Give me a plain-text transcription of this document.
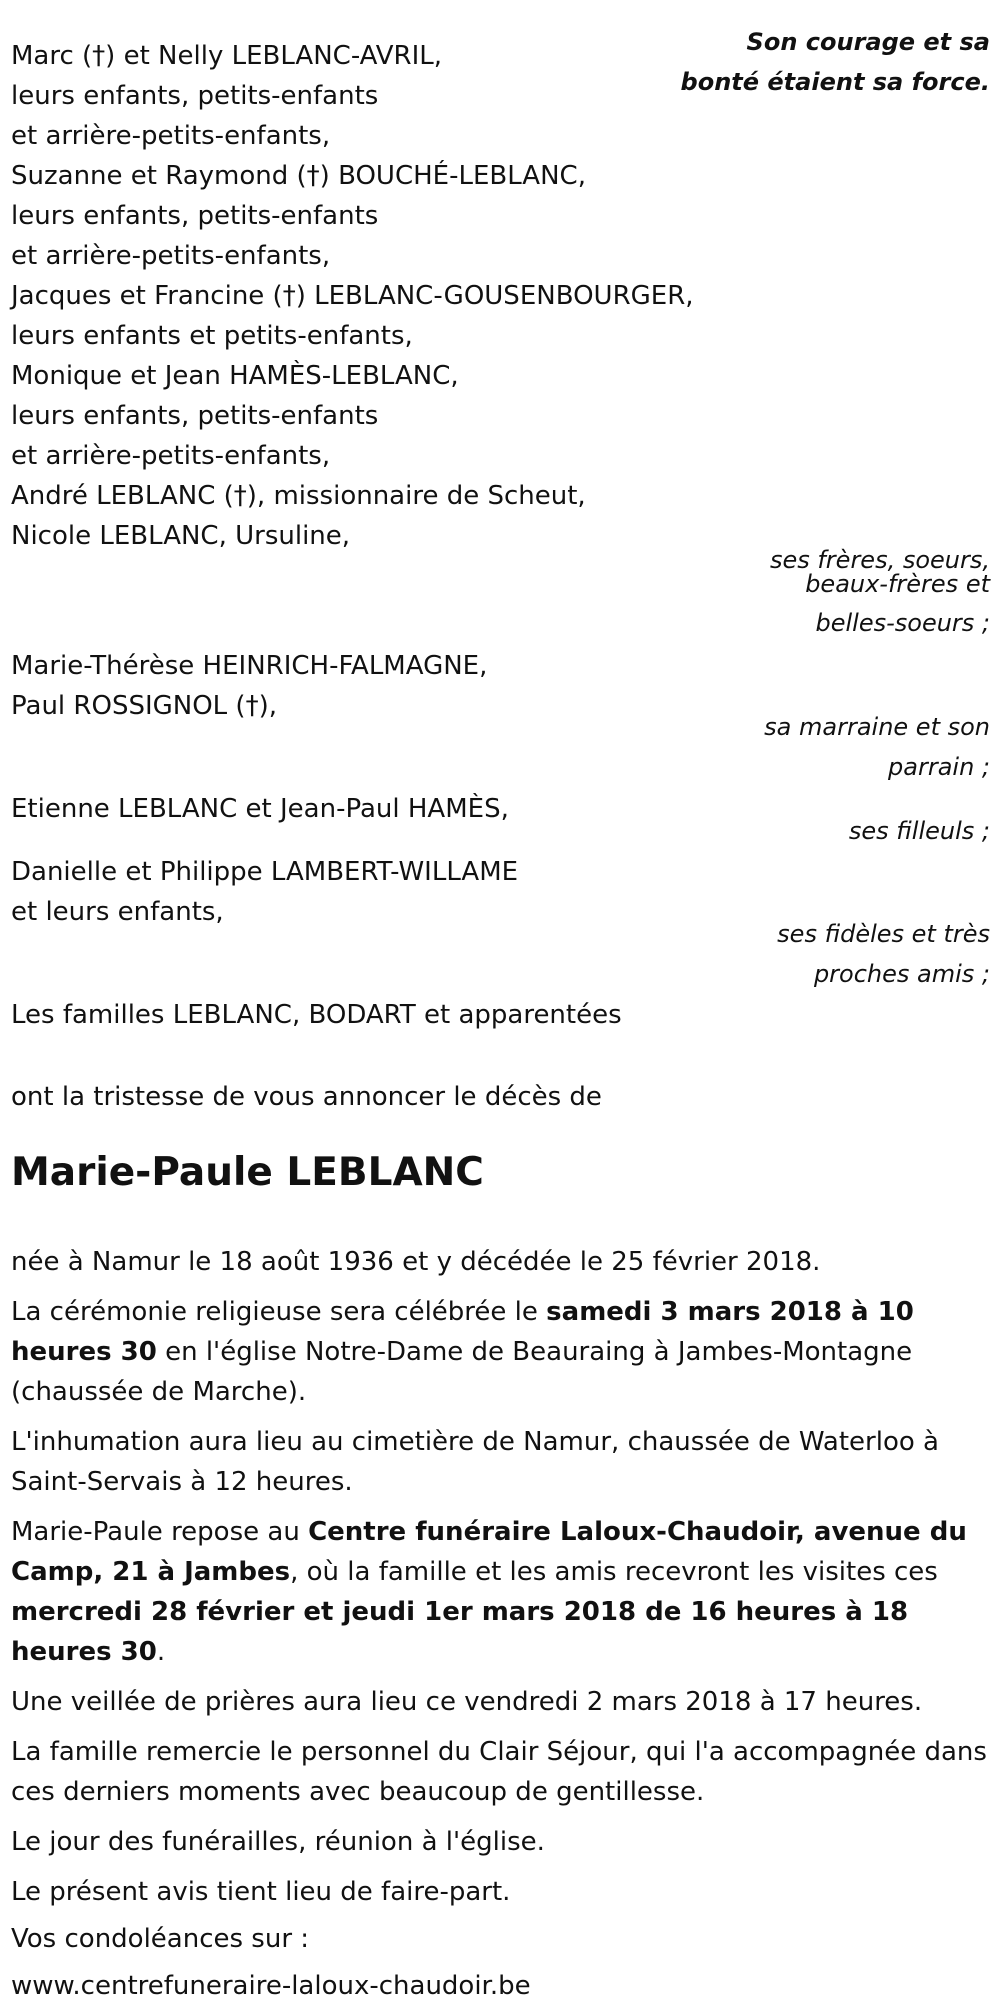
Son courage et sa bonté étaient sa force.
Marc (†) et Nelly LEBLANC-AVRIL,
leurs enfants, petits-enfants
et arrière-petits-enfants,
Suzanne et Raymond (†) BOUCHÉ-LEBLANC,
leurs enfants, petits-enfants
et arrière-petits-enfants,
Jacques et Francine (†) LEBLANC-GOUSENBOURGER,
leurs enfants et petits-enfants,
Monique et Jean HAMÈS-LEBLANC,
leurs enfants, petits-enfants
et arrière-petits-enfants,
André LEBLANC (†), missionnaire de Scheut,
Nicole LEBLANC, Ursuline,
ses frères, soeurs,
beaux-frères et
belles-soeurs ;
Marie-Thérèse HEINRICH-FALMAGNE,
Paul ROSSIGNOL (†),
sa marraine et son
parrain ;
Etienne LEBLANC et Jean-Paul HAMÈS,
ses filleuls ;
Danielle et Philippe LAMBERT-WILLAME
et leurs enfants,
ses fidèles et très
proches amis ;
Les familles LEBLANC, BODART et apparentées
ont la tristesse de vous annoncer le décès de
Marie-Paule LEBLANC
née à Namur le 18 août 1936 et y décédée le 25 février 2018.
La cérémonie religieuse sera célébrée le samedi 3 mars 2018 à 10 heures 30 en l'église Notre-Dame de Beauraing à Jambes-Montagne (chaussée de Marche).
L'inhumation aura lieu au cimetière de Namur, chaussée de Waterloo à Saint-Servais à 12 heures.
Marie-Paule repose au Centre funéraire Laloux-Chaudoir, avenue du Camp, 21 à Jambes, où la famille et les amis recevront les visites ces mercredi 28 février et jeudi 1er mars 2018 de 16 heures à 18 heures 30.
Une veillée de prières aura lieu ce vendredi 2 mars 2018 à 17 heures.
La famille remercie le personnel du Clair Séjour, qui l'a accompagnée dans ces derniers moments avec beaucoup de gentillesse.
Le jour des funérailles, réunion à l'église.
Le présent avis tient lieu de faire-part.
Vos condoléances sur :
www.centrefuneraire-laloux-chaudoir.be
